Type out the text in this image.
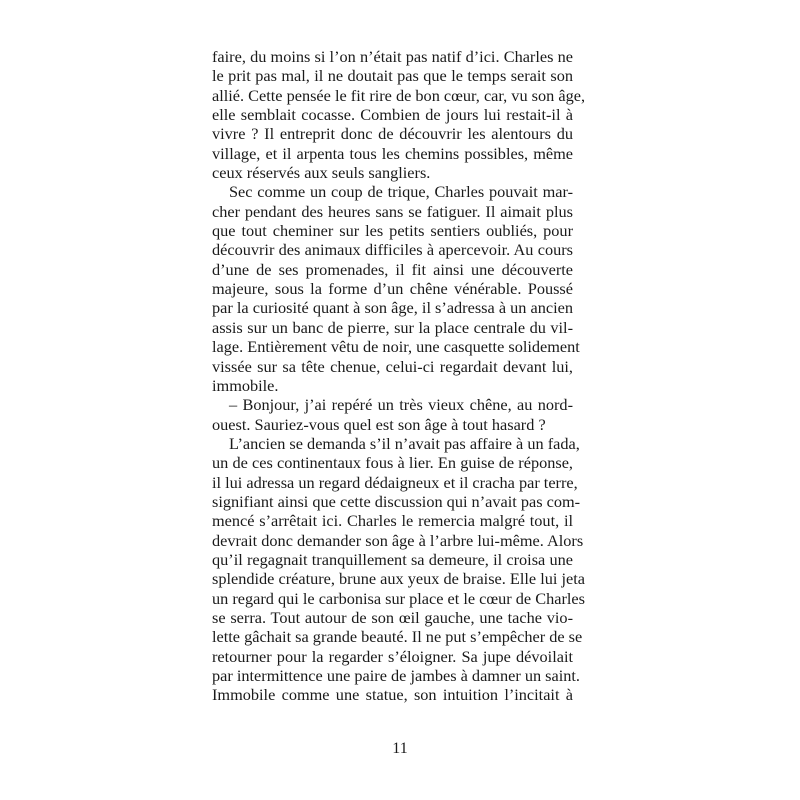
faire, du moins si l’on n’était pas natif d’ici. Charles ne
le prit pas mal, il ne doutait pas que le temps serait son
allié. Cette pensée le fit rire de bon cœur, car, vu son âge,
elle semblait cocasse. Combien de jours lui restait-il à
vivre ? Il entreprit donc de découvrir les alentours du
village, et il arpenta tous les chemins possibles, même
ceux réservés aux seuls sangliers.
Sec comme un coup de trique, Charles pouvait mar-
cher pendant des heures sans se fatiguer. Il aimait plus
que tout cheminer sur les petits sentiers oubliés, pour
découvrir des animaux difficiles à apercevoir. Au cours
d’une de ses promenades, il fit ainsi une découverte
majeure, sous la forme d’un chêne vénérable. Poussé
par la curiosité quant à son âge, il s’adressa à un ancien
assis sur un banc de pierre, sur la place centrale du vil-
lage. Entièrement vêtu de noir, une casquette solidement
vissée sur sa tête chenue, celui-ci regardait devant lui,
immobile.
– Bonjour, j’ai repéré un très vieux chêne, au nord-
ouest. Sauriez-vous quel est son âge à tout hasard ?
L’ancien se demanda s’il n’avait pas affaire à un fada,
un de ces continentaux fous à lier. En guise de réponse,
il lui adressa un regard dédaigneux et il cracha par terre,
signifiant ainsi que cette discussion qui n’avait pas com-
mencé s’arrêtait ici. Charles le remercia malgré tout, il
devrait donc demander son âge à l’arbre lui-même. Alors
qu’il regagnait tranquillement sa demeure, il croisa une
splendide créature, brune aux yeux de braise. Elle lui jeta
un regard qui le carbonisa sur place et le cœur de Charles
se serra. Tout autour de son œil gauche, une tache vio-
lette gâchait sa grande beauté. Il ne put s’empêcher de se
retourner pour la regarder s’éloigner. Sa jupe dévoilait
par intermittence une paire de jambes à damner un saint.
Immobile comme une statue, son intuition l’incitait à
11
